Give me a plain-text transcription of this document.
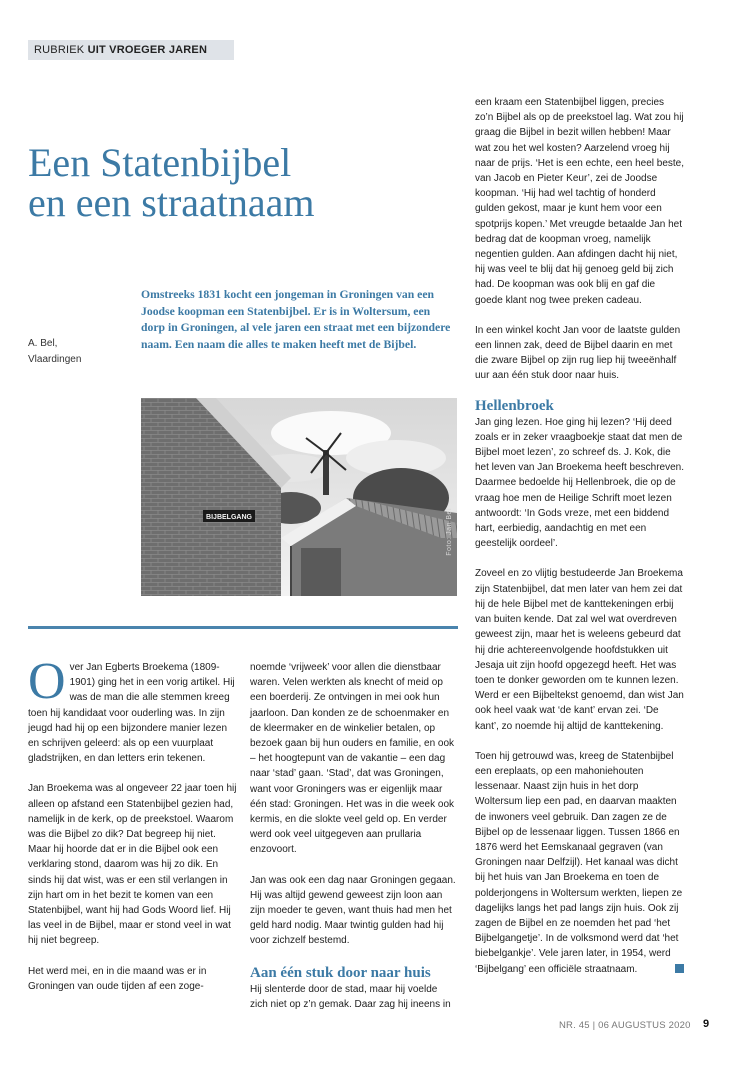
RUBRIEK UIT VROEGER JAREN
Een Statenbijbel
en een straatnaam
A. Bel,
Vlaardingen

Omstreeks 1831 kocht een jongeman in Groningen van een Joodse koopman een Statenbijbel. Er is in Woltersum, een dorp in Groningen, al vele jaren een straat met een bijzondere naam. Een naam die alles te maken heeft met de Bijbel.

BIJBELGANG	Foto: Jan Bel

Over Jan Egberts Broekema (1809-1901) ging het in een vorig artikel. Hij was de man die alle stemmen kreeg toen hij kandidaat voor ouderling was. In zijn jeugd had hij op een bijzondere manier lezen en schrijven geleerd: als op een vuurplaat gladstrijken, en dan letters erin tekenen.

Jan Broekema was al ongeveer 22 jaar toen hij alleen op afstand een Statenbijbel gezien had, namelijk in de kerk, op de preekstoel. Waarom was die Bijbel zo dik? Dat begreep hij niet. Maar hij hoorde dat er in die Bijbel ook een verklaring stond, daarom was hij zo dik. En sinds hij dat wist, was er een stil verlangen in zijn hart om in het bezit te komen van een Statenbijbel, want hij had Gods Woord lief. Hij las veel in de Bijbel, maar er stond veel in wat hij niet begreep.

Het werd mei, en in die maand was er in Groningen van oude tijden af een zoge-

noemde ‘vrijweek’ voor allen die dienstbaar waren. Velen werkten als knecht of meid op een boerderij. Ze ontvingen in mei ook hun jaarloon. Dan konden ze de schoenmaker en de kleermaker en de winkelier betalen, op bezoek gaan bij hun ouders en familie, en ook – het hoogtepunt van de vakantie – een dag naar ‘stad’ gaan. ‘Stad’, dat was Groningen, want voor Groningers was er eigenlijk maar één stad: Groningen. Het was in die week ook kermis, en die slokte veel geld op. En verder werd ook veel uitgegeven aan prullaria enzovoort.

Jan was ook een dag naar Groningen gegaan. Hij was altijd gewend geweest zijn loon aan zijn moeder te geven, want thuis had men het geld hard nodig. Maar twintig gulden had hij voor zichzelf bestemd.

Aan één stuk door naar huis

Hij slenterde door de stad, maar hij voelde zich niet op z’n gemak. Daar zag hij ineens in

een kraam een Statenbijbel liggen, precies zo’n Bijbel als op de preekstoel lag. Wat zou hij graag die Bijbel in bezit willen hebben! Maar wat zou het wel kosten? Aarzelend vroeg hij naar de prijs. ‘Het is een echte, een heel beste, van Jacob en Pieter Keur’, zei de Joodse koopman. ‘Hij had wel tachtig of honderd gulden gekost, maar je kunt hem voor een spotprijs kopen.’ Met vreugde betaalde Jan het bedrag dat de koopman vroeg, namelijk negentien gulden. Aan afdingen dacht hij niet, hij was veel te blij dat hij genoeg geld bij zich had. De koopman was ook blij en gaf die goede klant nog twee preken cadeau.

In een winkel kocht Jan voor de laatste gulden een linnen zak, deed de Bijbel daarin en met die zware Bijbel op zijn rug liep hij tweeënhalf uur aan één stuk door naar huis.

Hellenbroek

Jan ging lezen. Hoe ging hij lezen? ‘Hij deed zoals er in zeker vraagboekje staat dat men de Bijbel moet lezen’, zo schreef ds. J. Kok, die het leven van Jan Broekema heeft beschreven. Daarmee bedoelde hij Hellenbroek, die op de vraag hoe men de Heilige Schrift moet lezen antwoordt: ‘In Gods vreze, met een biddend hart, eerbiedig, aandachtig en met een geestelijk oordeel’.

Zoveel en zo vlijtig bestudeerde Jan Broekema zijn Statenbijbel, dat men later van hem zei dat hij de hele Bijbel met de kanttekeningen erbij van buiten kende. Dat zal wel wat overdreven geweest zijn, maar het is weleens gebeurd dat hij drie achtereenvolgende hoofdstukken uit Jesaja uit zijn hoofd opgezegd heeft. Het was toen te donker geworden om te kunnen lezen. Werd er een Bijbeltekst genoemd, dan wist Jan ook heel vaak wat ‘de kant’ ervan zei. ‘De kant’, zo noemde hij altijd de kanttekening.

Toen hij getrouwd was, kreeg de Statenbijbel een ereplaats, op een mahoniehouten lessenaar. Naast zijn huis in het dorp Woltersum liep een pad, en daarvan maakten de inwoners veel gebruik. Dan zagen ze de Bijbel op de lessenaar liggen. Tussen 1866 en 1876 werd het Eemskanaal gegraven (van Groningen naar Delfzijl). Het kanaal was dicht bij het huis van Jan Broekema en toen de polderjongens in Woltersum werkten, liepen ze dagelijks langs het pad langs zijn huis. Ook zij zagen de Bijbel en ze noemden het pad ‘het Bijbelgangetje’. In de volksmond werd dat ‘het biebelgankje’. Vele jaren later, in 1954, werd ‘Bijbelgang’ een officiële straatnaam.

NR. 45 | 06 AUGUSTUS 2020 9
